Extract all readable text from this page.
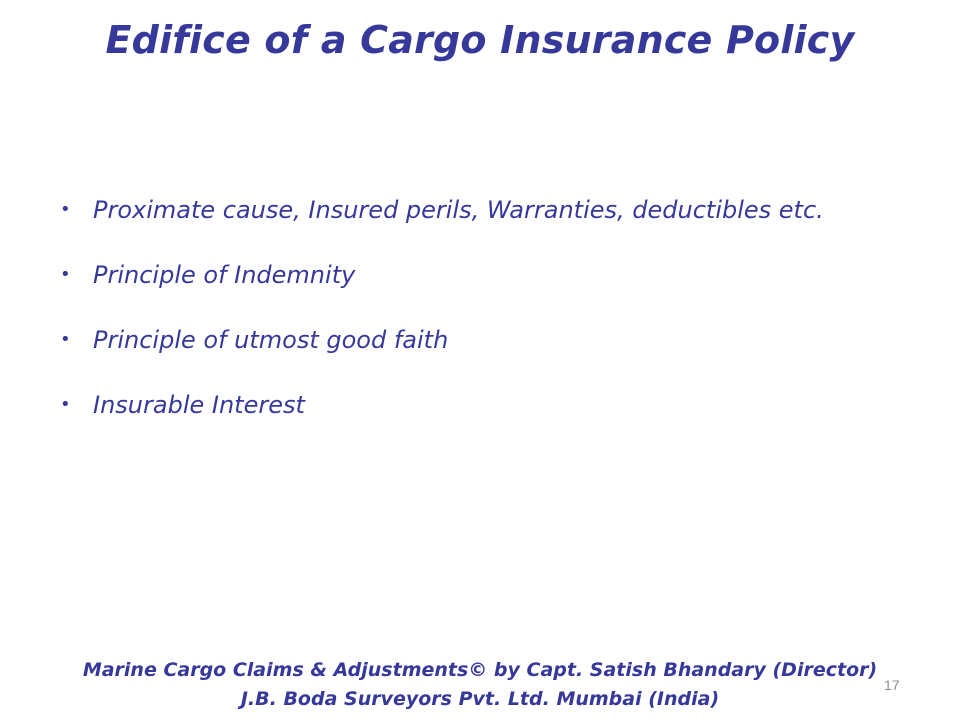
Edifice of a Cargo Insurance Policy
• Proximate cause, Insured perils, Warranties, deductibles etc.
• Principle of Indemnity
• Principle of utmost good faith
• Insurable Interest
Marine Cargo Claims & Adjustments© by Capt. Satish Bhandary (Director)
J.B. Boda Surveyors Pvt. Ltd. Mumbai (India)
17
